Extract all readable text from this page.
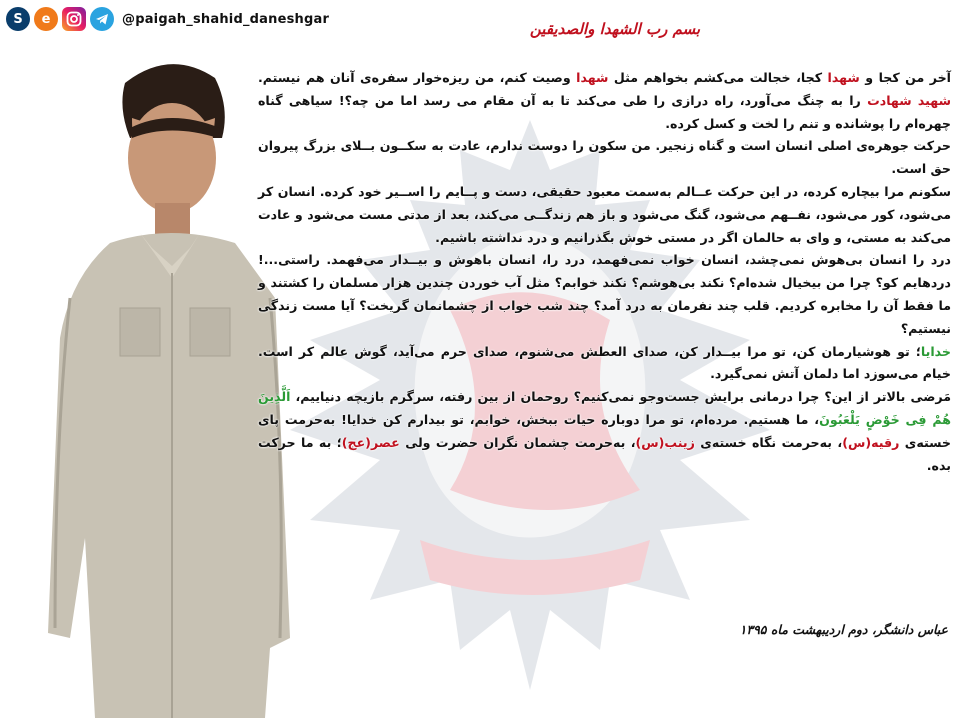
S e	@paigah_shahid_daneshgar
بسم رب الشهدا والصدیقین

آخر من کجا و شهدا کجا، خجالت می‌کشم بخواهم مثل شهدا وصیت کنم، من ریزه‌خوار سفره‌ی آنان هم نیستم. شهید شهادت را به چنگ می‌آورد، راه درازی را طی می‌کند تا به آن مقام می رسد اما من چه؟! سیاهی گناه چهره‌ام را پوشانده و تنم را لخت و کسل کرده.

حرکت جوهره‌ی اصلی انسان است و گناه زنجیر. من سکون را دوست ندارم، عادت به سکــون بــلای بزرگ پیروان حق است.

سکونم مرا بیچاره کرده، در این حرکت عــالم به‌سمت معبود حقیقی، دست و پــایم را اســیر خود کرده. انسان کر می‌شود، کور می‌شود، نفــهم می‌شود، گنگ می‌شود و باز هم زندگــی می‌کند، بعد از مدتی مست می‌شود و عادت می‌کند به مستی، و وای به حالمان اگر در مستی خوش بگذرانیم و درد نداشته باشیم.

درد را انسان بی‌هوش نمی‌چشد، انسان خواب نمی‌فهمد، درد را، انسان باهوش و بیــدار می‌فهمد. راستی...! دردهایم کو؟ چرا من بیخیال شده‌ام؟ نکند بی‌هوشم؟ نکند خوابم؟ مثل آب خوردن چندین هزار مسلمان را کشتند و ما فقط آن را مخابره کردیم. قلب چند نفرمان به درد آمد؟ چند شب خواب از چشمانمان گریخت؟ آیا مست زندگی نیستیم؟

خدایا؛ تو هوشیارمان کن، تو مرا بیــدار کن، صدای العطش می‌شنوم، صدای حرم می‌آید، گوش عالم کر است. خیام می‌سوزد اما دلمان آتش نمی‌گیرد.

مَرضی بالاتر از این؟ چرا درمانی برایش جست‌وجو نمی‌کنیم؟ روحمان از بین رفته، سرگرم بازیچه دنیاییم، اَلَّذِینَ هُمْ فِی خَوْضٍ یَلْعَبُونَ، ما هستیم. مرده‌ام، تو مرا دوباره حیات ببخش، خوابم، تو بیدارم کن خدایا! به‌حرمت پای خسته‌ی رقیه(س)، به‌حرمت نگاه خسته‌ی زینب(س)، به‌حرمت چشمان نگران حضرت ولی عصر(عج)؛ به ما حرکت بده.

عباس دانشگر، دوم اردیبهشت ماه ۱۳۹۵
